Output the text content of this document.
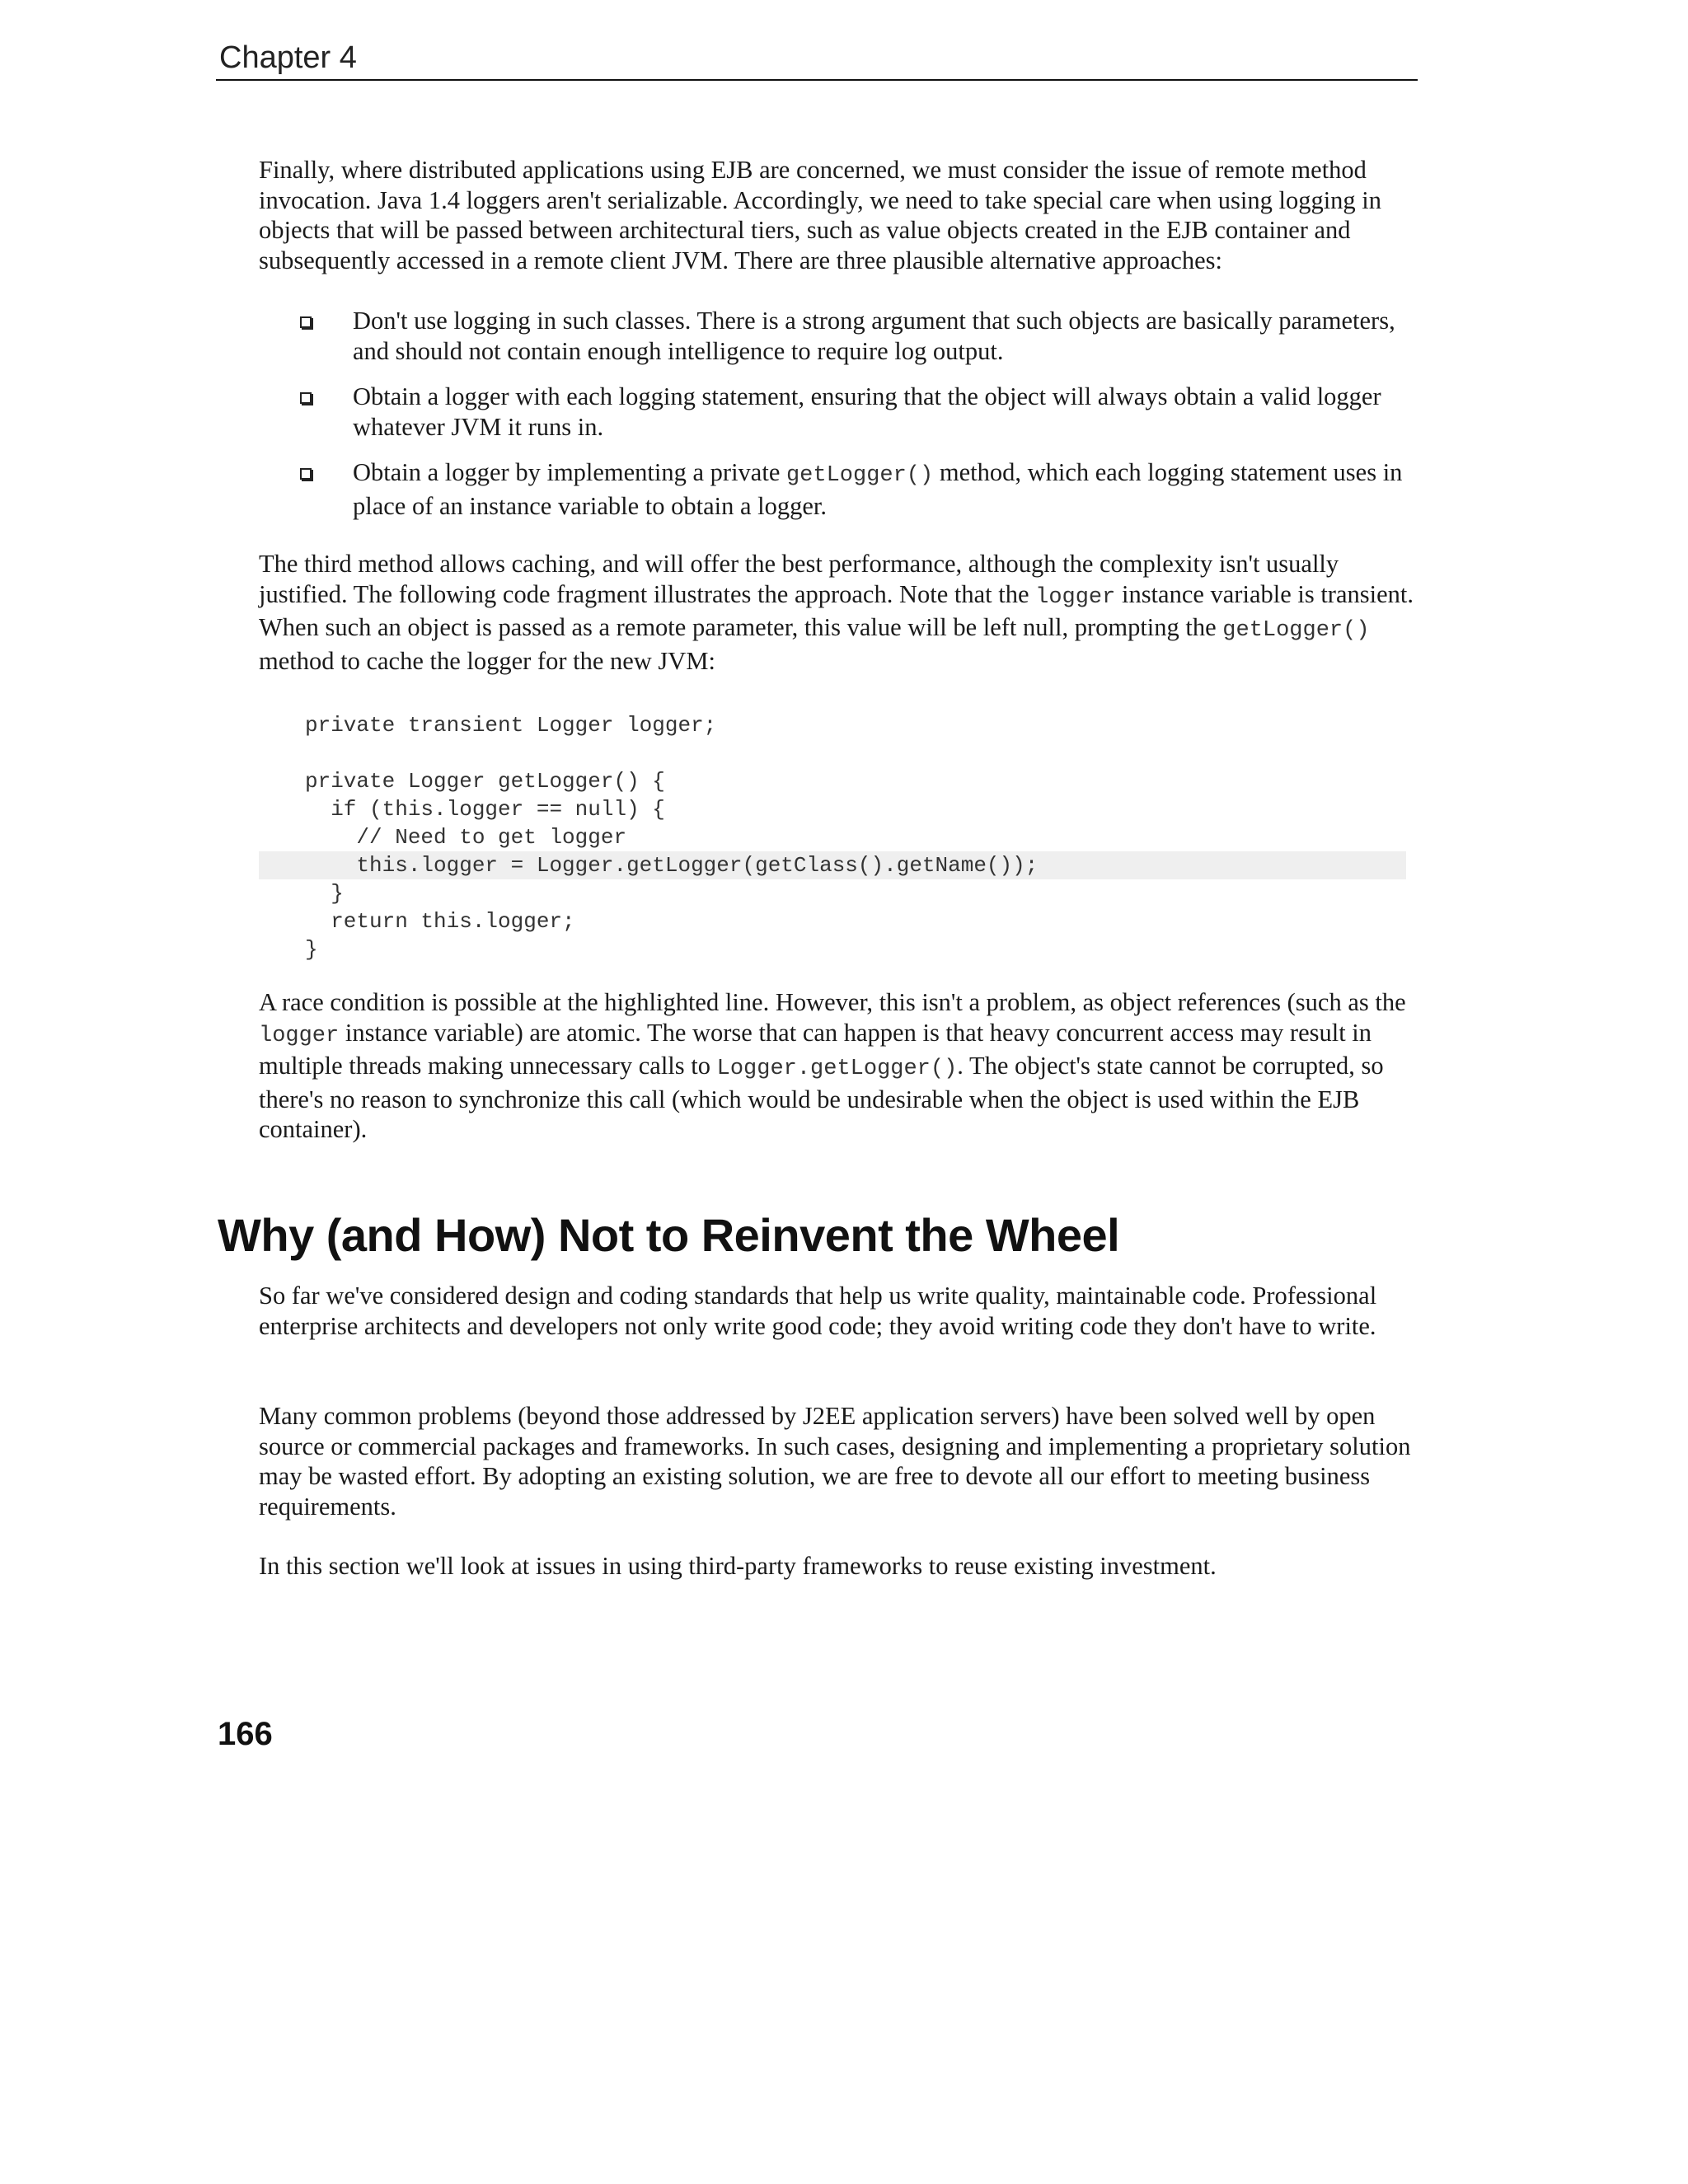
Chapter 4

Finally, where distributed applications using EJB are concerned, we must consider the issue of remote method invocation. Java 1.4 loggers aren't serializable. Accordingly, we need to take special care when using logging in objects that will be passed between architectural tiers, such as value objects created in the EJB container and subsequently accessed in a remote client JVM. There are three plausible alternative approaches:

Don't use logging in such classes. There is a strong argument that such objects are basically parameters, and should not contain enough intelligence to require log output.
Obtain a logger with each logging statement, ensuring that the object will always obtain a valid logger whatever JVM it runs in.
Obtain a logger by implementing a private getLogger() method, which each logging statement uses in place of an instance variable to obtain a logger.

The third method allows caching, and will offer the best performance, although the complexity isn't usually justified. The following code fragment illustrates the approach. Note that the logger instance variable is transient. When such an object is passed as a remote parameter, this value will be left null, prompting the getLogger() method to cache the logger for the new JVM:

private transient Logger logger;
private Logger getLogger() {
if (this.logger == null) {
// Need to get logger
this.logger = Logger.getLogger(getClass().getName());
}
return this.logger;
}

A race condition is possible at the highlighted line. However, this isn't a problem, as object references (such as the logger instance variable) are atomic. The worse that can happen is that heavy concurrent access may result in multiple threads making unnecessary calls to Logger.getLogger(). The object's state cannot be corrupted, so there's no reason to synchronize this call (which would be undesirable when the object is used within the EJB container).

Why (and How) Not to Reinvent the Wheel

So far we've considered design and coding standards that help us write quality, maintainable code. Professional enterprise architects and developers not only write good code; they avoid writing code they don't have to write.

Many common problems (beyond those addressed by J2EE application servers) have been solved well by open source or commercial packages and frameworks. In such cases, designing and implementing a proprietary solution may be wasted effort. By adopting an existing solution, we are free to devote all our effort to meeting business requirements.

In this section we'll look at issues in using third-party frameworks to reuse existing investment.

166
